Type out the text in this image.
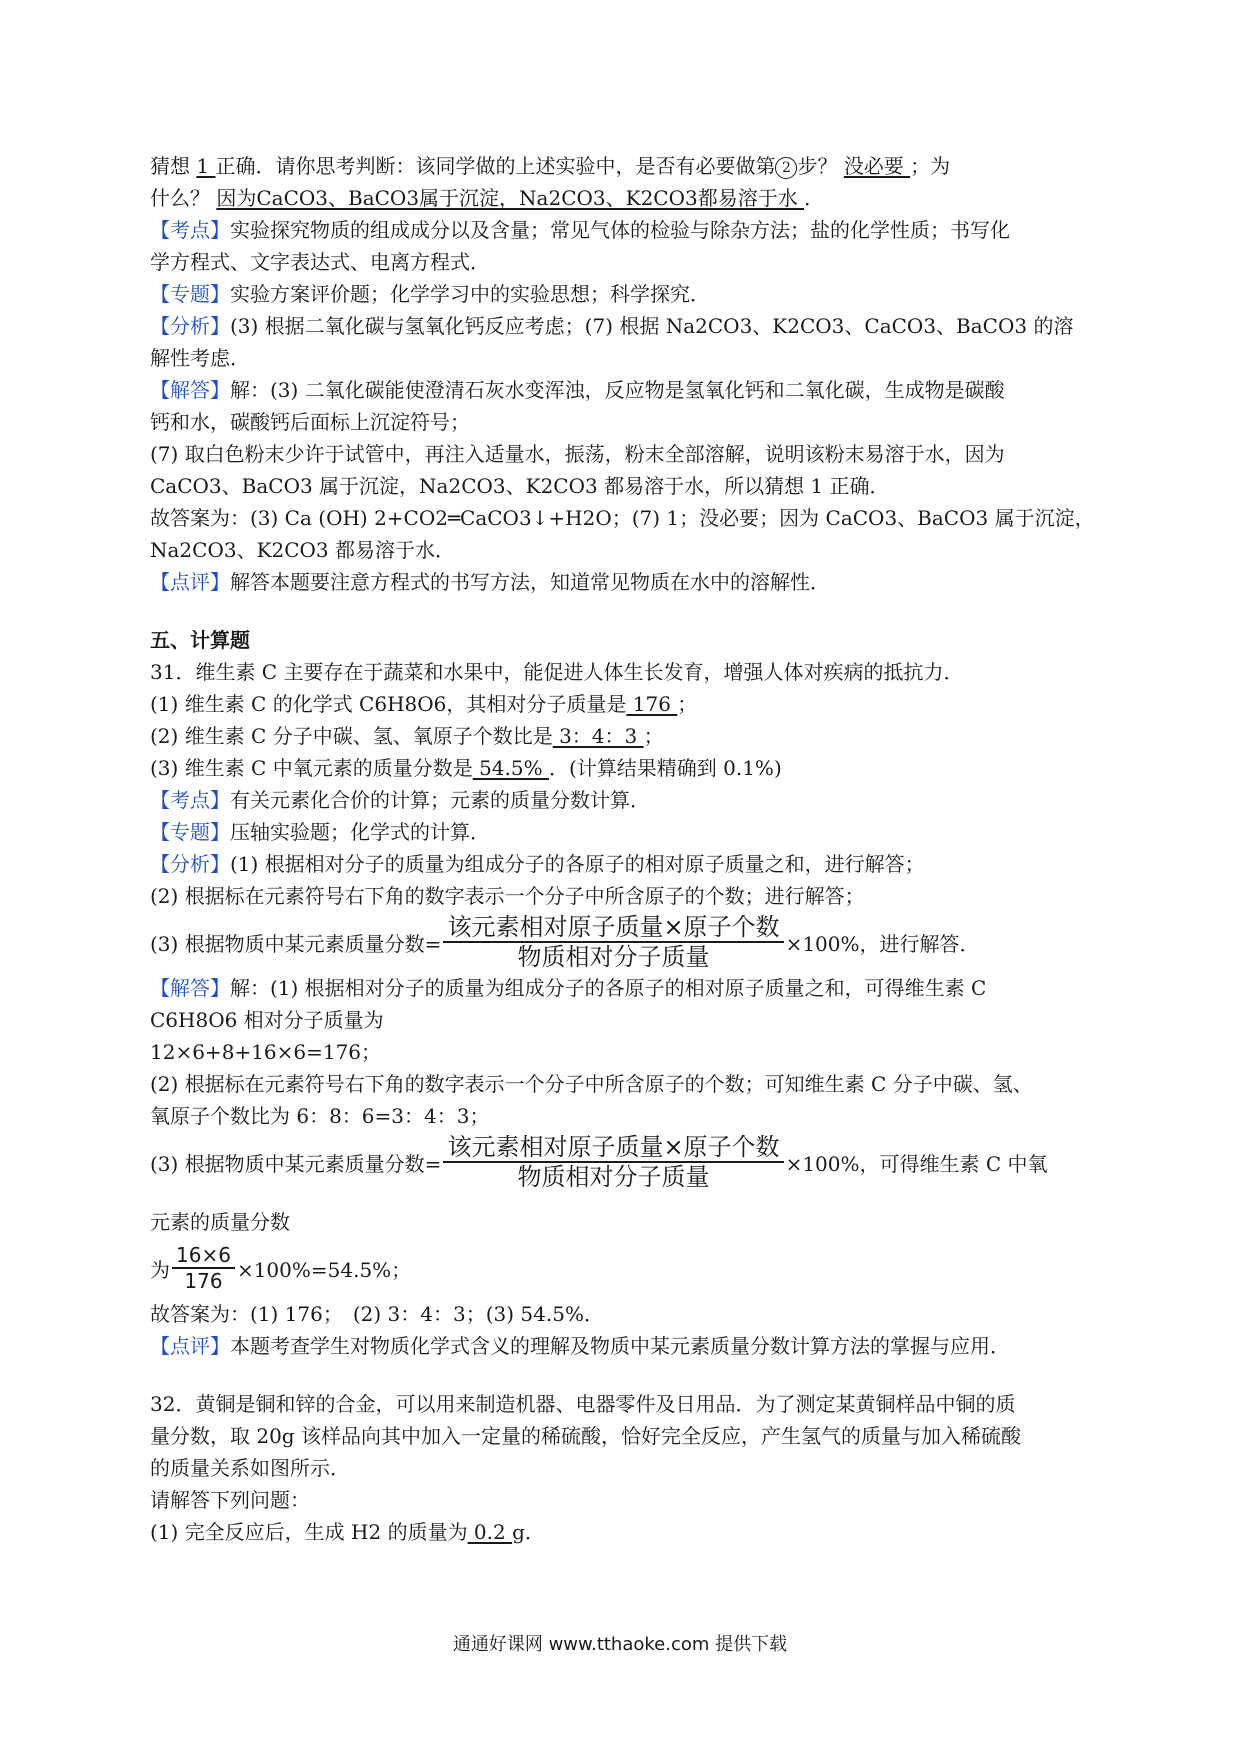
猜想 1 正确．请你思考判断：该同学做的上述实验中，是否有必要做第 2 步？ 没必要 ；为
什么？ 因为CaCO3、BaCO3属于沉淀，Na2CO3、K2CO3都易溶于水 ．
【考点】实验探究物质的组成成分以及含量；常见气体的检验与除杂方法；盐的化学性质；书写化
学方程式、文字表达式、电离方程式．
【专题】实验方案评价题；化学学习中的实验思想；科学探究．
【分析】(3) 根据二氧化碳与氢氧化钙反应考虑；(7) 根据 Na2CO3、K2CO3、CaCO3、BaCO3 的溶
解性考虑．
【解答】解：(3) 二氧化碳能使澄清石灰水变浑浊，反应物是氢氧化钙和二氧化碳，生成物是碳酸
钙和水，碳酸钙后面标上沉淀符号；
(7) 取白色粉末少许于试管中，再注入适量水，振荡，粉末全部溶解，说明该粉末易溶于水，因为
CaCO3、BaCO3 属于沉淀，Na2CO3、K2CO3 都易溶于水，所以猜想 1 正确．
故答案为：(3) Ca (OH) 2+CO2═CaCO3↓+H2O；(7) 1；没必要；因为 CaCO3、BaCO3 属于沉淀，
Na2CO3、K2CO3 都易溶于水．
【点评】解答本题要注意方程式的书写方法，知道常见物质在水中的溶解性．
五、计算题
31．维生素 C 主要存在于蔬菜和水果中，能促进人体生长发育，增强人体对疾病的抵抗力．
(1) 维生素 C 的化学式 C6H8O6，其相对分子质量是 176 ；
(2) 维生素 C 分子中碳、氢、氧原子个数比是 3：4：3 ；
(3) 维生素 C 中氧元素的质量分数是 54.5% ．(计算结果精确到 0.1%)
【考点】有关元素化合价的计算；元素的质量分数计算．
【专题】压轴实验题；化学式的计算．
【分析】(1) 根据相对分子的质量为组成分子的各原子的相对原子质量之和，进行解答；
(2) 根据标在元素符号右下角的数字表示一个分子中所含原子的个数；进行解答；
(3) 根据物质中某元素质量分数= $\frac{\text{该元素相对原子质量×原子个数}}{\text{物质相对分子质量}} \times 100\%$，进行解答．
【解答】解：(1) 根据相对分子的质量为组成分子的各原子的相对原子质量之和，可得维生素 C
C6H8O6 相对分子质量为
12×6+8+16×6=176；
(2) 根据标在元素符号右下角的数字表示一个分子中所含原子的个数；可知维生素 C 分子中碳、氢、
氧原子个数比为 6：8：6=3：4：3；
(3) 根据物质中某元素质量分数= $\frac{\text{该元素相对原子质量×原子个数}}{\text{物质相对分子质量}} \times 100\%$，可得维生素 C 中氧
元素的质量分数
为 $\frac{16\times 6}{176} \times 100\%=54.5\%$；
故答案为：(1) 176；　(2) 3：4：3；(3) 54.5%．
【点评】本题考查学生对物质化学式含义的理解及物质中某元素质量分数计算方法的掌握与应用．
32．黄铜是铜和锌的合金，可以用来制造机器、电器零件及日用品．为了测定某黄铜样品中铜的质
量分数，取 20g 该样品向其中加入一定量的稀硫酸，恰好完全反应，产生氢气的质量与加入稀硫酸
的质量关系如图所示．
请解答下列问题：
(1) 完全反应后，生成 H2 的质量为 0.2 g．
通通好课网 www.tthaoke.com 提供下载
